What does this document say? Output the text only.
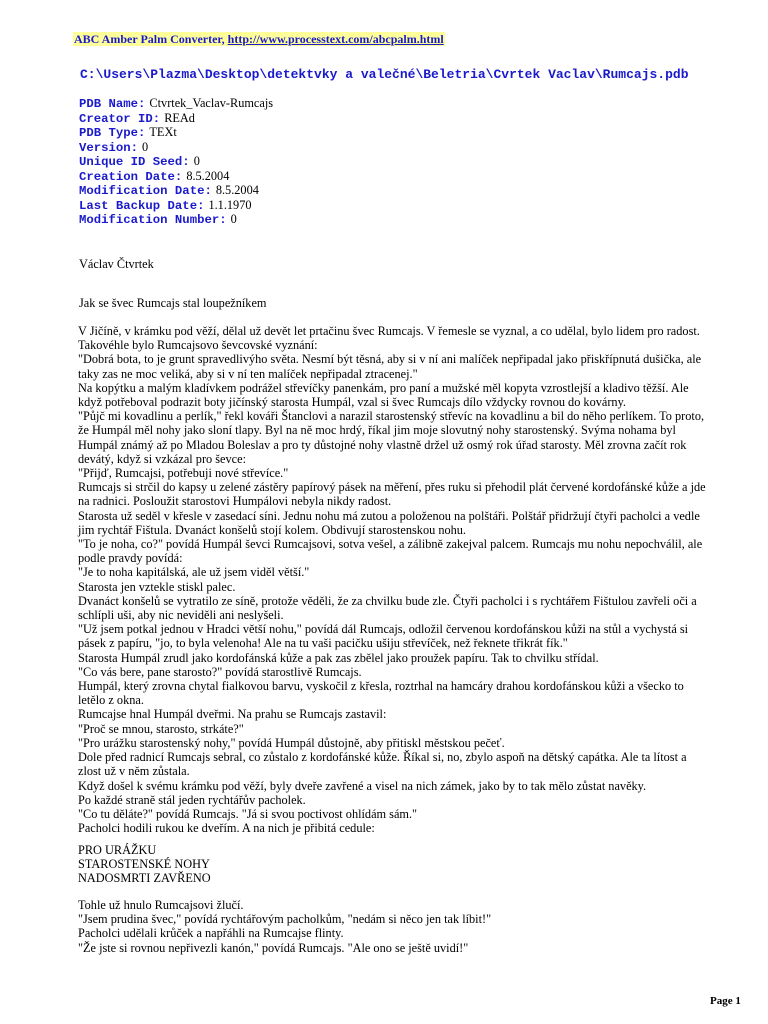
ABC Amber Palm Converter, http://www.processtext.com/abcpalm.html
C:\Users\Plazma\Desktop\detektvky a valečné\Beletria\Cvrtek Vaclav\Rumcajs.pdb
PDB Name: Ctvrtek_Vaclav-Rumcajs
Creator ID: REAd
PDB Type: TEXt
Version: 0
Unique ID Seed: 0
Creation Date: 8.5.2004
Modification Date: 8.5.2004
Last Backup Date: 1.1.1970
Modification Number: 0
Václav Čtvrtek
Jak se švec Rumcajs stal loupežníkem

V Jičíně, v krámku pod věží, dělal už devět let prtačinu švec Rumcajs. V řemesle se vyznal, a co udělal, bylo lidem pro radost.

Takovéhle bylo Rumcajsovo ševcovské vyznání:

"Dobrá bota, to je grunt spravedlivýho světa. Nesmí být těsná, aby si v ní ani malíček nepřipadal jako přiskřípnutá dušička, ale taky zas ne moc veliká, aby si v ní ten malíček nepřipadal ztracenej."

Na kopýtku a malým kladívkem podrážel střevíčky panenkám, pro paní a mužské měl kopyta vzrostlejší a kladivo těžší. Ale když potřeboval podrazit boty jičínský starosta Humpál, vzal si švec Rumcajs dílo vždycky rovnou do kovárny.

"Půjč mi kovadlinu a perlík," řekl kováři Štanclovi a narazil starostenský střevíc na kovadlinu a bil do něho perlíkem. To proto, že Humpál měl nohy jako sloní tlapy. Byl na ně moc hrdý, říkal jim moje slovutný nohy starostenský. Svýma nohama byl Humpál známý až po Mladou Boleslav a pro ty důstojné nohy vlastně držel už osmý rok úřad starosty. Měl zrovna začít rok devátý, když si vzkázal pro ševce:

"Přijď, Rumcajsi, potřebuji nové střevíce."

Rumcajs si strčil do kapsy u zelené zástěry papírový pásek na měření, přes ruku si přehodil plát červené kordofánské kůže a jde na radnici. Posloužit starostovi Humpálovi nebyla nikdy radost.

Starosta už seděl v křesle v zasedací síni. Jednu nohu má zutou a položenou na polštáři. Polštář přidržují čtyři pacholci a vedle jim rychtář Fištula. Dvanáct konšelů stojí kolem. Obdivují starostenskou nohu.

"To je noha, co?" povídá Humpál ševci Rumcajsovi, sotva vešel, a zálibně zakejval palcem. Rumcajs mu nohu nepochválil, ale podle pravdy povídá:

"Je to noha kapitálská, ale už jsem viděl větší."

Starosta jen vztekle stiskl palec.

Dvanáct konšelů se vytratilo ze síně, protože věděli, že za chvilku bude zle. Čtyři pacholci i s rychtářem Fištulou zavřeli oči a schlípli uši, aby nic neviděli ani neslyšeli.

"Už jsem potkal jednou v Hradci větší nohu," povídá dál Rumcajs, odložil červenou kordofánskou kůži na stůl a vychystá si pásek z papíru, "jo, to byla velenoha! Ale na tu vaši pacičku ušiju střevíček, než řeknete třikrát fík."

Starosta Humpál zrudl jako kordofánská kůže a pak zas zbělel jako proužek papíru. Tak to chvilku střídal.

"Co vás bere, pane starosto?" povídá starostlivě Rumcajs.

Humpál, který zrovna chytal fialkovou barvu, vyskočil z křesla, roztrhal na hamcáry drahou kordofánskou kůži a všecko to letělo z okna.

Rumcajse hnal Humpál dveřmi. Na prahu se Rumcajs zastavil:

"Proč se mnou, starosto, strkáte?"

"Pro urážku starostenský nohy," povídá Humpál důstojně, aby přitiskl městskou pečeť.

Dole před radnicí Rumcajs sebral, co zůstalo z kordofánské kůže. Říkal si, no, zbylo aspoň na dětský capátka. Ale ta lítost a zlost už v něm zůstala.

Když došel k svému krámku pod věží, byly dveře zavřené a visel na nich zámek, jako by to tak mělo zůstat navěky.

Po každé straně stál jeden rychtářův pacholek.

"Co tu děláte?" povídá Rumcajs. "Já si svou poctivost ohlídám sám."

Pacholci hodili rukou ke dveřím. A na nich je přibitá cedule:

PRO URÁŽKU
STAROSTENSKÉ NOHY
NADOSMRTI ZAVŘENO

Tohle už hnulo Rumcajsovi žlučí.

"Jsem prudina švec," povídá rychtářovým pacholkům, "nedám si něco jen tak líbit!"

Pacholci udělali krůček a napřáhli na Rumcajse flinty.

"Že jste si rovnou nepřivezli kanón," povídá Rumcajs. "Ale ono se ještě uvidí!"

Page 1
